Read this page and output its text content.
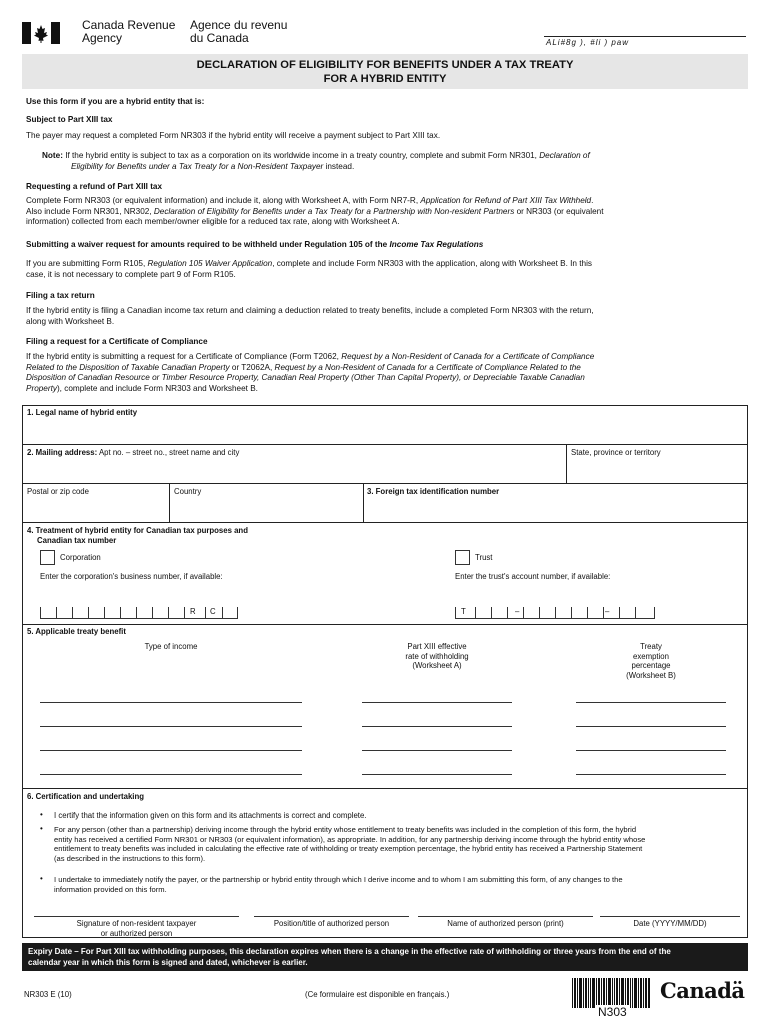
Canada Revenue
Agency
Agence du revenu
du Canada	ALi#8g ), #li ) paw
DECLARATION OF ELIGIBILITY FOR BENEFITS UNDER A TAX TREATY
FOR A HYBRID ENTITY
Use this form if you are a hybrid entity that is:
Subject to Part XIII tax
The payer may request a completed Form NR303 if the hybrid entity will receive a payment subject to Part XIII tax.
Note: If the hybrid entity is subject to tax as a corporation on its worldwide income in a treaty country, complete and submit Form NR301, Declaration of
Eligibility for Benefits under a Tax Treaty for a Non-Resident Taxpayer instead.
Requesting a refund of Part XIII tax
Complete Form NR303 (or equivalent information) and include it, along with Worksheet A, with Form NR7-R, Application for Refund of Part XIII Tax Withheld.
Also include Form NR301, NR302, Declaration of Eligibility for Benefits under a Tax Treaty for a Partnership with Non-resident Partners or NR303 (or equivalent
information) collected from each member/owner eligible for a reduced tax rate, along with Worksheet A.
Submitting a waiver request for amounts required to be withheld under Regulation 105 of the Income Tax Regulations
If you are submitting Form R105, Regulation 105 Waiver Application, complete and include Form NR303 with the application, along with Worksheet B. In this
case, it is not necessary to complete part 9 of Form R105.
Filing a tax return
If the hybrid entity is filing a Canadian income tax return and claiming a deduction related to treaty benefits, include a completed Form NR303 with the return,
along with Worksheet B.
Filing a request for a Certificate of Compliance
If the hybrid entity is submitting a request for a Certificate of Compliance (Form T2062, Request by a Non-Resident of Canada for a Certificate of Compliance
Related to the Disposition of Taxable Canadian Property or T2062A, Request by a Non-Resident of Canada for a Certificate of Compliance Related to the
Disposition of Canadian Resource or Timber Resource Property, Canadian Real Property (Other Than Capital Property), or Depreciable Taxable Canadian
Property), complete and include Form NR303 and Worksheet B.
1. Legal name of hybrid entity
2. Mailing address: Apt no. – street no., street name and city	State, province or territory
Postal or zip code	Country	3. Foreign tax identification number
4. Treatment of hybrid entity for Canadian tax purposes and
Canadian tax number
Corporation	Trust
Enter the corporation's business number, if available:	Enter the trust's account number, if available:
R C	T	–	–
5. Applicable treaty benefit
Type of income	Part XIII effective
rate of withholding
(Worksheet A)
Treaty
exemption
percentage
(Worksheet B)
6. Certification and undertaking
•	I certify that the information given on this form and its attachments is correct and complete.
• For any person (other than a partnership) deriving income through the hybrid entity whose entitlement to treaty benefits was included in the completion of this form, the hybrid
entity has received a certified Form NR301 or NR303 (or equivalent information), as appropriate. In addition, for any partnership deriving income through the hybrid entity whose
entitlement to treaty benefits was included in calculating the effective rate of withholding or treaty exemption percentage, the hybrid entity has received a Partnership Statement
(as described in the instructions to this form).
• I undertake to immediately notify the payer, or the partnership or hybrid entity through which I derive income and to whom I am submitting this form, of any changes to the
information provided on this form.
Signature of non-resident taxpayer
or authorized person
Position/title of authorized person	Name of authorized person (print)	Date (YYYY/MM/DD)
Expiry Date – For Part XIII tax withholding purposes, this declaration expires when there is a change in the effective rate of withholding or three years from the end of the
calendar year in which this form is signed and dated, whichever is earlier.
NR303 E (10)	(Ce formulaire est disponible en français.)
N303
Canadä
